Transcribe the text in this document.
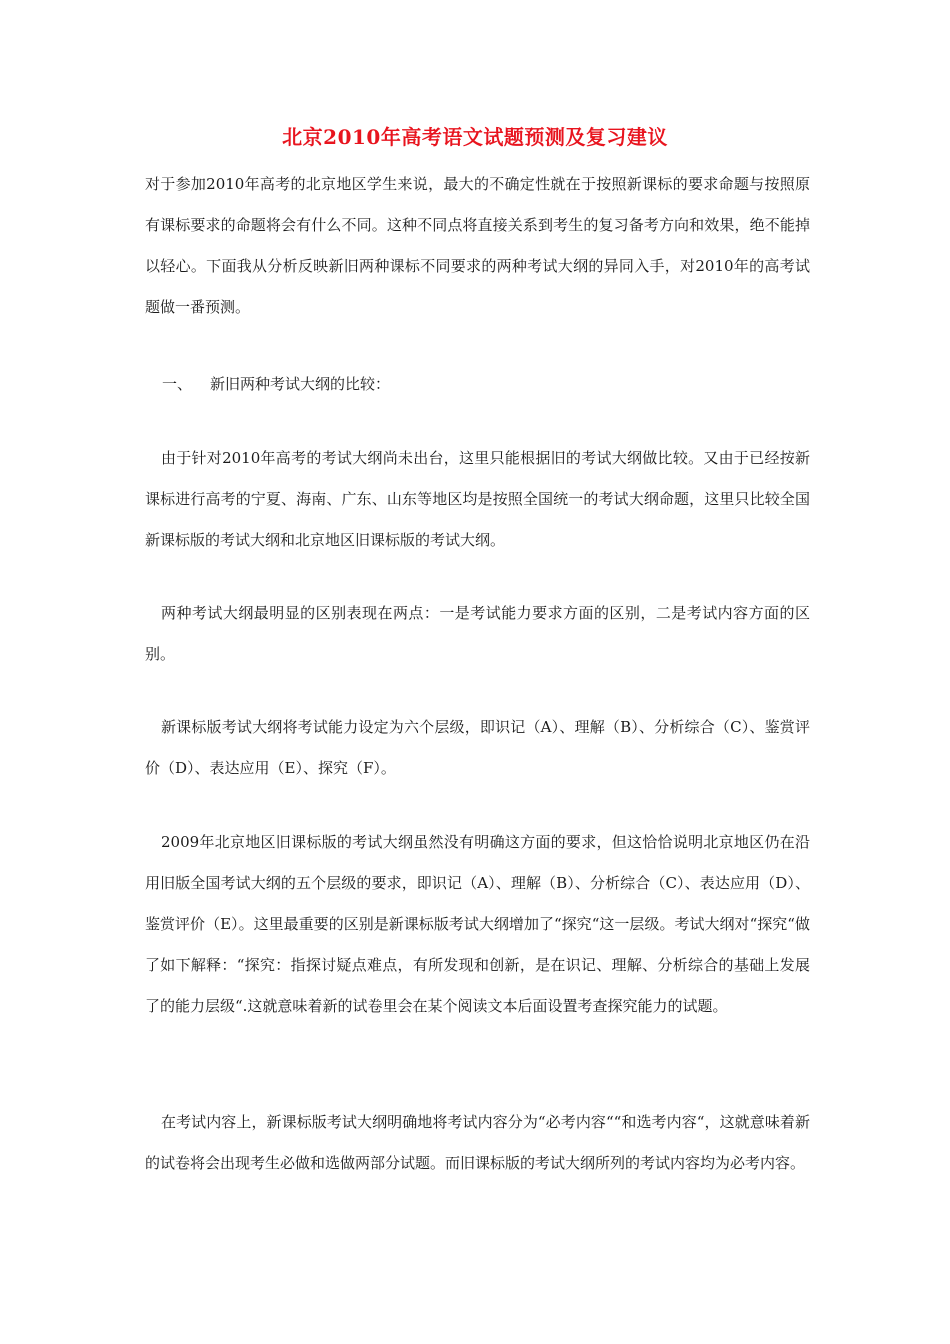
北京2010年高考语文试题预测及复习建议

对于参加2010年高考的北京地区学生来说，最大的不确定性就在于按照新课标的要求命题与按照原有课标要求的命题将会有什么不同。这种不同点将直接关系到考生的复习备考方向和效果，绝不能掉以轻心。下面我从分析反映新旧两种课标不同要求的两种考试大纲的异同入手，对2010年的高考试题做一番预测。

一、 新旧两种考试大纲的比较：

由于针对2010年高考的考试大纲尚未出台，这里只能根据旧的考试大纲做比较。又由于已经按新课标进行高考的宁夏、海南、广东、山东等地区均是按照全国统一的考试大纲命题，这里只比较全国新课标版的考试大纲和北京地区旧课标版的考试大纲。

两种考试大纲最明显的区别表现在两点：一是考试能力要求方面的区别，二是考试内容方面的区别。

新课标版考试大纲将考试能力设定为六个层级，即识记（A）、理解（B）、分析综合（C）、鉴赏评价（D）、表达应用（E）、探究（F）。

2009年北京地区旧课标版的考试大纲虽然没有明确这方面的要求，但这恰恰说明北京地区仍在沿用旧版全国考试大纲的五个层级的要求，即识记（A）、理解（B）、分析综合（C）、表达应用（D）、鉴赏评价（E）。这里最重要的区别是新课标版考试大纲增加了“探究“这一层级。考试大纲对“探究“做了如下解释：“探究：指探讨疑点难点，有所发现和创新，是在识记、理解、分析综合的基础上发展了的能力层级“.这就意味着新的试卷里会在某个阅读文本后面设置考查探究能力的试题。

在考试内容上，新课标版考试大纲明确地将考试内容分为“必考内容““和选考内容“，这就意味着新的试卷将会出现考生必做和选做两部分试题。而旧课标版的考试大纲所列的考试内容均为必考内容。
